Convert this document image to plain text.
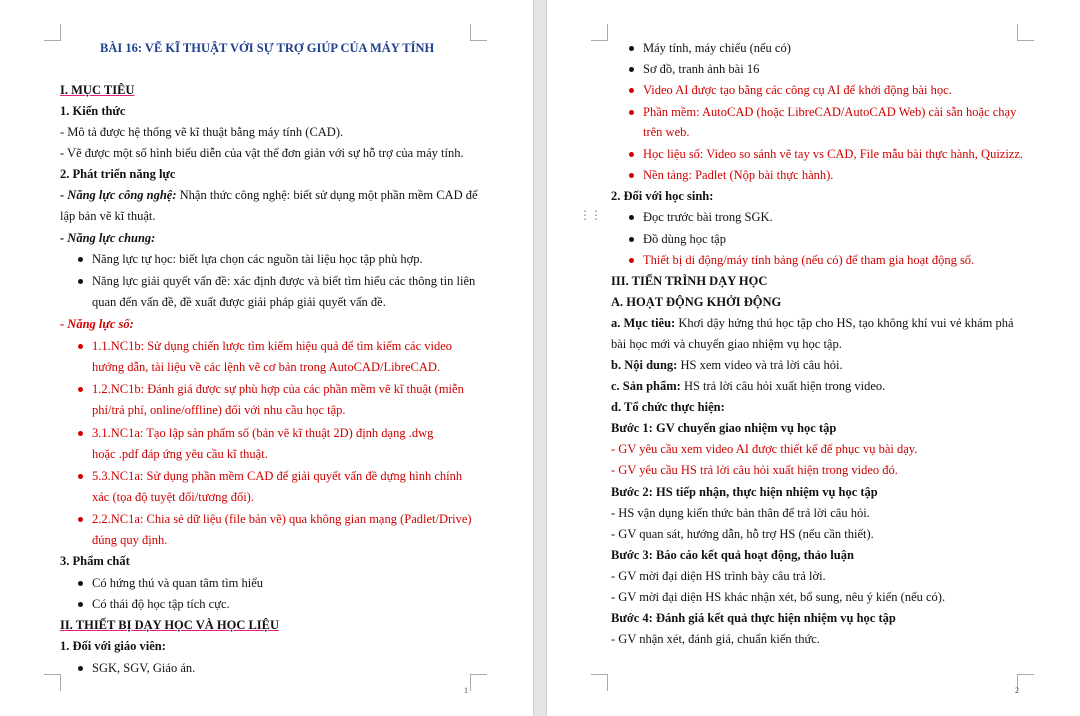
BÀI 16: VẼ KĨ THUẬT VỚI SỰ TRỢ GIÚP CỦA MÁY TÍNH
I. MỤC TIÊU
1. Kiến thức
- Mô tả được hệ thống vẽ kĩ thuật bằng máy tính (CAD).
- Vẽ được một số hình biểu diễn của vật thể đơn giản với sự hỗ trợ của máy tính.
2. Phát triển năng lực
- Năng lực công nghệ: Nhận thức công nghệ: biết sử dụng một phần mềm CAD để
lập bản vẽ kĩ thuật.
- Năng lực chung:
Năng lực tự học: biết lựa chọn các nguồn tài liệu học tập phù hợp.
Năng lực giải quyết vấn đề: xác định được và biết tìm hiểu các thông tin liên
quan đến vấn đề, đề xuất được giải pháp giải quyết vấn đề.
- Năng lực số:
1.1.NC1b: Sử dụng chiến lược tìm kiếm hiệu quả để tìm kiếm các video
hướng dẫn, tài liệu về các lệnh vẽ cơ bản trong AutoCAD/LibreCAD.
1.2.NC1b: Đánh giá được sự phù hợp của các phần mềm vẽ kĩ thuật (miễn
phí/trả phí, online/offline) đối với nhu cầu học tập.
3.1.NC1a: Tạo lập sản phẩm số (bản vẽ kĩ thuật 2D) định dạng .dwg
hoặc .pdf đáp ứng yêu cầu kĩ thuật.
5.3.NC1a: Sử dụng phần mềm CAD để giải quyết vấn đề dựng hình chính
xác (tọa độ tuyệt đối/tương đối).
2.2.NC1a: Chia sẻ dữ liệu (file bản vẽ) qua không gian mạng (Padlet/Drive)
đúng quy định.
3. Phẩm chất
Có hứng thú và quan tâm tìm hiểu
Có thái độ học tập tích cực.
II. THIẾT BỊ DẠY HỌC VÀ HỌC LIỆU
1. Đối với giáo viên:
SGK, SGV, Giáo án.
1
Máy tính, máy chiếu (nếu có)
Sơ đồ, tranh ảnh bài 16
Video AI được tạo bằng các công cụ AI để khởi động bài học.
Phần mềm: AutoCAD (hoặc LibreCAD/AutoCAD Web) cài sẵn hoặc chạy
trên web.
Học liệu số: Video so sánh vẽ tay vs CAD, File mẫu bài thực hành, Quizizz.
Nền tảng: Padlet (Nộp bài thực hành).
2. Đối với học sinh:
Đọc trước bài trong SGK.
Đồ dùng học tập
Thiết bị di động/máy tính bảng (nếu có) để tham gia hoạt động số.
III. TIẾN TRÌNH DẠY HỌC
A. HOẠT ĐỘNG KHỞI ĐỘNG
a. Mục tiêu: Khơi dậy hứng thú học tập cho HS, tạo không khí vui vẻ khám phá
bài học mới và chuyển giao nhiệm vụ học tập.
b. Nội dung: HS xem video và trả lời câu hỏi.
c. Sản phẩm: HS trả lời câu hỏi xuất hiện trong video.
d. Tổ chức thực hiện:
Bước 1: GV chuyển giao nhiệm vụ học tập
- GV yêu cầu xem video AI được thiết kế để phục vụ bài dạy.
- GV yêu cầu HS trả lời câu hỏi xuất hiện trong video đó.
Bước 2: HS tiếp nhận, thực hiện nhiệm vụ học tập
- HS vận dụng kiến thức bản thân để trả lời câu hỏi.
- GV quan sát, hướng dẫn, hỗ trợ HS (nếu cần thiết).
Bước 3: Báo cáo kết quả hoạt động, thảo luận
- GV mời đại diện HS trình bày câu trả lời.
- GV mời đại diện HS khác nhận xét, bổ sung, nêu ý kiến (nếu có).
Bước 4: Đánh giá kết quả thực hiện nhiệm vụ học tập
- GV nhận xét, đánh giá, chuẩn kiến thức.
2
⋮⋮
